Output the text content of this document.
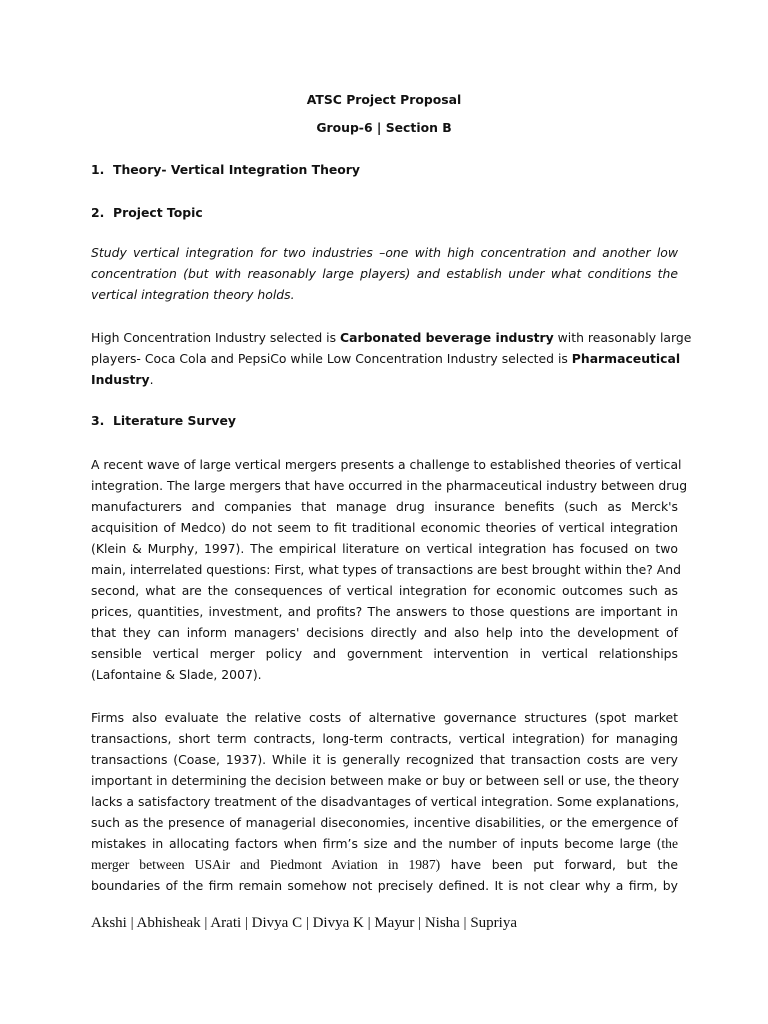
ATSC Project Proposal
Group-6 | Section B
1. Theory- Vertical Integration Theory
2. Project Topic
Study vertical integration for two industries –one with high concentration and another low
concentration (but with reasonably large players) and establish under what conditions the
vertical integration theory holds.
High Concentration Industry selected is Carbonated beverage industry with reasonably large
players- Coca Cola and PepsiCo while Low Concentration Industry selected is Pharmaceutical
Industry.
3. Literature Survey
A recent wave of large vertical mergers presents a challenge to established theories of vertical
integration. The large mergers that have occurred in the pharmaceutical industry between drug
manufacturers and companies that manage drug insurance benefits (such as Merck's
acquisition of Medco) do not seem to fit traditional economic theories of vertical integration
(Klein & Murphy, 1997). The empirical literature on vertical integration has focused on two
main, interrelated questions: First, what types of transactions are best brought within the? And
second, what are the consequences of vertical integration for economic outcomes such as
prices, quantities, investment, and profits? The answers to those questions are important in
that they can inform managers' decisions directly and also help into the development of
sensible vertical merger policy and government intervention in vertical relationships
(Lafontaine & Slade, 2007).
Firms also evaluate the relative costs of alternative governance structures (spot market
transactions, short term contracts, long-term contracts, vertical integration) for managing
transactions (Coase, 1937). While it is generally recognized that transaction costs are very
important in determining the decision between make or buy or between sell or use, the theory
lacks a satisfactory treatment of the disadvantages of vertical integration. Some explanations,
such as the presence of managerial diseconomies, incentive disabilities, or the emergence of
mistakes in allocating factors when firm’s size and the number of inputs become large (the
merger between USAir and Piedmont Aviation in 1987) have been put forward, but the
boundaries of the firm remain somehow not precisely defined. It is not clear why a firm, by
Akshi | Abhisheak | Arati | Divya C | Divya K | Mayur | Nisha | Supriya
